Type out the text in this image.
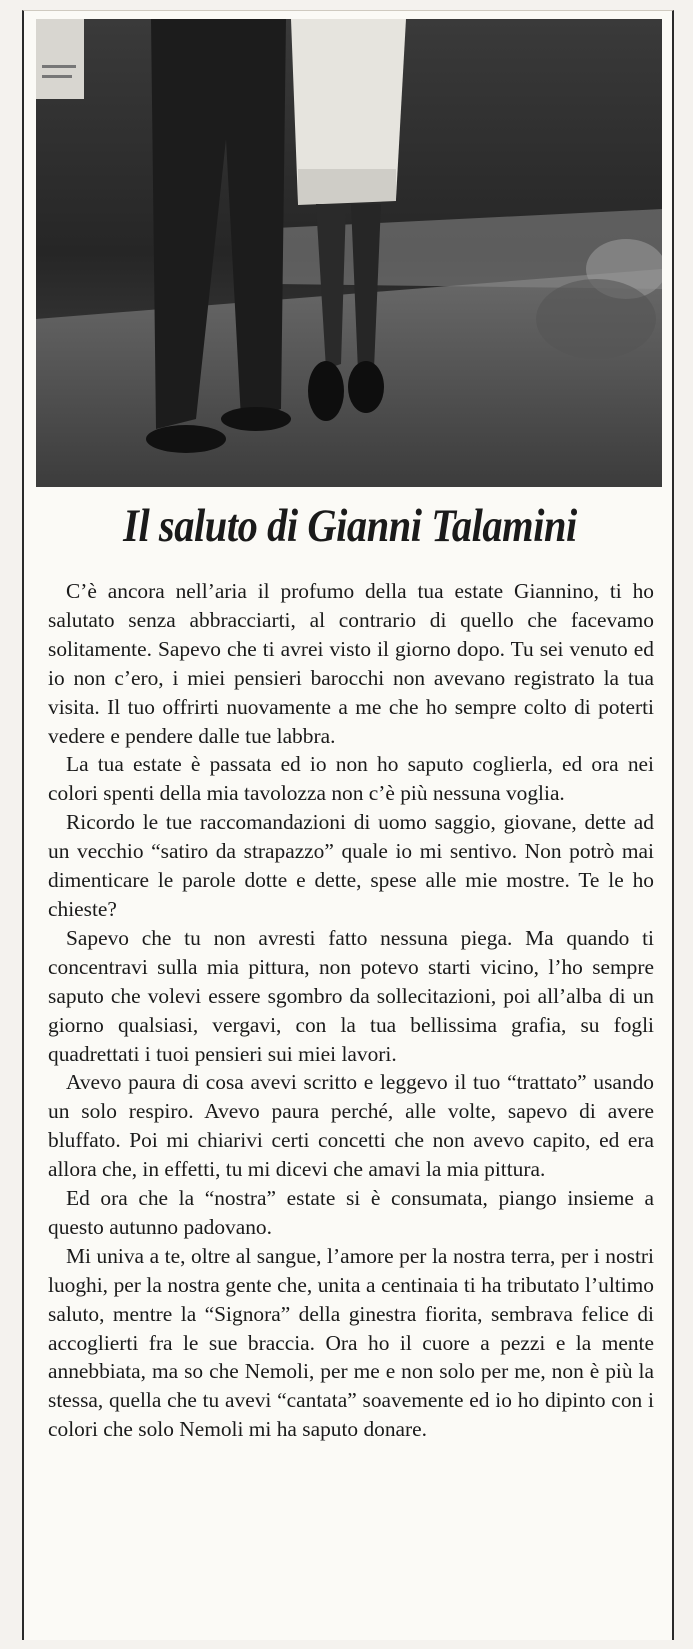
Il saluto di Gianni Talamini

C’è ancora nell’aria il profumo della tua estate Giannino, ti ho salutato senza abbracciarti, al contrario di quello che facevamo solitamente. Sapevo che ti avrei visto il giorno dopo. Tu sei venuto ed io non c’ero, i miei pensieri barocchi non avevano registrato la tua visita. Il tuo offrirti nuovamente a me che ho sempre colto di poterti vedere e pendere dalle tue labbra.

La tua estate è passata ed io non ho saputo coglierla, ed ora nei colori spenti della mia tavolozza non c’è più nessuna voglia.

Ricordo le tue raccomandazioni di uomo saggio, giovane, dette ad un vecchio “satiro da strapazzo” quale io mi sentivo. Non potrò mai dimenticare le parole dotte e dette, spese alle mie mostre. Te le ho chieste?

Sapevo che tu non avresti fatto nessuna piega. Ma quando ti concentravi sulla mia pittura, non potevo starti vicino, l’ho sempre saputo che volevi essere sgombro da sollecitazioni, poi all’alba di un giorno qualsiasi, vergavi, con la tua bellissima grafia, su fogli quadrettati i tuoi pensieri sui miei lavori.

Avevo paura di cosa avevi scritto e leggevo il tuo “trattato” usando un solo respiro. Avevo paura perché, alle volte, sapevo di avere bluffato. Poi mi chiarivi certi concetti che non avevo capito, ed era allora che, in effetti, tu mi dicevi che amavi la mia pittura.

Ed ora che la “nostra” estate si è consumata, piango insieme a questo autunno padovano.

Mi univa a te, oltre al sangue, l’amore per la nostra terra, per i nostri luoghi, per la nostra gente che, unita a centinaia ti ha tributato l’ultimo saluto, mentre la “Signora” della ginestra fiorita, sembrava felice di accoglierti fra le sue braccia. Ora ho il cuore a pezzi e la mente annebbiata, ma so che Nemoli, per me e non solo per me, non è più la stessa, quella che tu avevi “cantata” soavemente ed io ho dipinto con i colori che solo Nemoli mi ha saputo donare.
